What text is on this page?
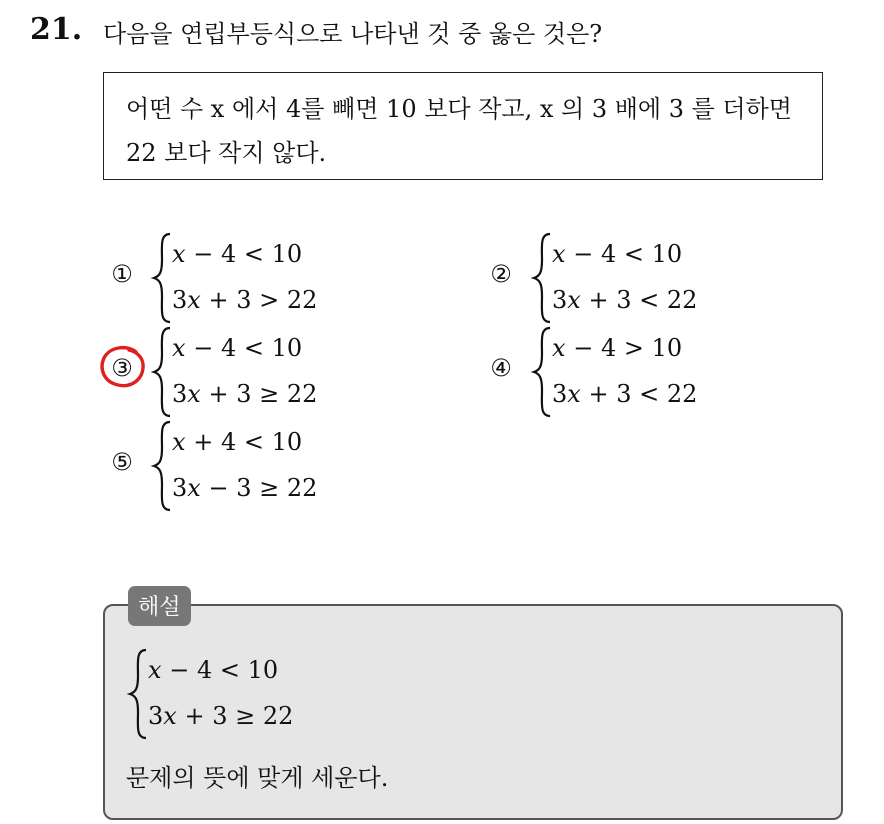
21. 다음을 연립부등식으로 나타낸 것 중 옳은 것은?
어떤 수 x 에서 4를 빼면 10 보다 작고, x 의 3 배에 3 를 더하면
22 보다 작지 않다.
①
x − 4 < 10
3x + 3 > 22
②
x − 4 < 10
3x + 3 < 22
③
x − 4 < 10
3x + 3 ≥ 22
④
x − 4 > 10
3x + 3 < 22
⑤
x + 4 < 10
3x − 3 ≥ 22
해설
x − 4 < 10
3x + 3 ≥ 22
문제의 뜻에 맞게 세운다.
